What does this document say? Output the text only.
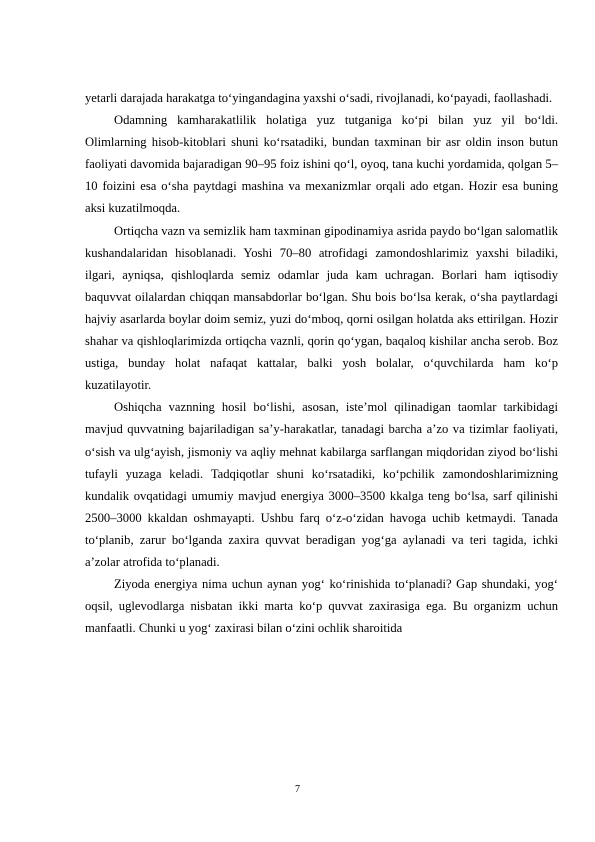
yetarli darajada harakatga to‘yingandagina yaxshi o‘sadi, rivojlanadi, ko‘payadi, faollashadi.

Odamning kamharakatlilik holatiga yuz tutganiga ko‘pi bilan yuz yil bo‘ldi. Olimlarning hisob-kitoblari shuni ko‘rsatadiki, bundan taxminan bir asr oldin inson butun faoliyati davomida bajaradigan 90–95 foiz ishini qo‘l, oyoq, tana kuchi yordamida, qolgan 5–10 foizini esa o‘sha paytdagi mashina va mexanizmlar orqali ado etgan. Hozir esa buning aksi kuzatilmoqda.

Ortiqcha vazn va semizlik ham taxminan gipodinamiya asrida paydo bo‘lgan salomatlik kushandalaridan hisoblanadi. Yoshi 70–80 atrofidagi zamondoshlarimiz yaxshi biladiki, ilgari, ayniqsa, qishloqlarda semiz odamlar juda kam uchragan. Borlari ham iqtisodiy baquvvat oilalardan chiqqan mansabdorlar bo‘lgan. Shu bois bo‘lsa kerak, o‘sha paytlardagi hajviy asarlarda boylar doim semiz, yuzi do‘mboq, qorni osilgan holatda aks ettirilgan. Hozir shahar va qishloqlarimizda ortiqcha vaznli, qorin qo‘ygan, baqaloq kishilar ancha serob. Boz ustiga, bunday holat nafaqat kattalar, balki yosh bolalar, o‘quvchilarda ham ko‘p kuzatilayotir.

Oshiqcha vaznning hosil bo‘lishi, asosan, iste’mol qilinadigan taomlar tarkibidagi mavjud quvvatning bajariladigan sa’y-harakatlar, tanadagi barcha a’zo va tizimlar faoliyati, o‘sish va ulg‘ayish, jismoniy va aqliy mehnat kabilarga sarflangan miqdoridan ziyod bo‘lishi tufayli yuzaga keladi. Tadqiqotlar shuni ko‘rsatadiki, ko‘pchilik zamondoshlarimizning kundalik ovqatidagi umumiy mavjud energiya 3000–3500 kkalga teng bo‘lsa, sarf qilinishi 2500–3000 kkaldan oshmayapti. Ushbu farq o‘z-o‘zidan havoga uchib ketmaydi. Tanada to‘planib, zarur bo‘lganda zaxira quvvat beradigan yog‘ga aylanadi va teri tagida, ichki a’zolar atrofida to‘planadi.

Ziyoda energiya nima uchun aynan yog‘ ko‘rinishida to‘planadi? Gap shundaki, yog‘ oqsil, uglevodlarga nisbatan ikki marta ko‘p quvvat zaxirasiga ega. Bu organizm uchun manfaatli. Chunki u yog‘ zaxirasi bilan o‘zini ochlik sharoitida

7
